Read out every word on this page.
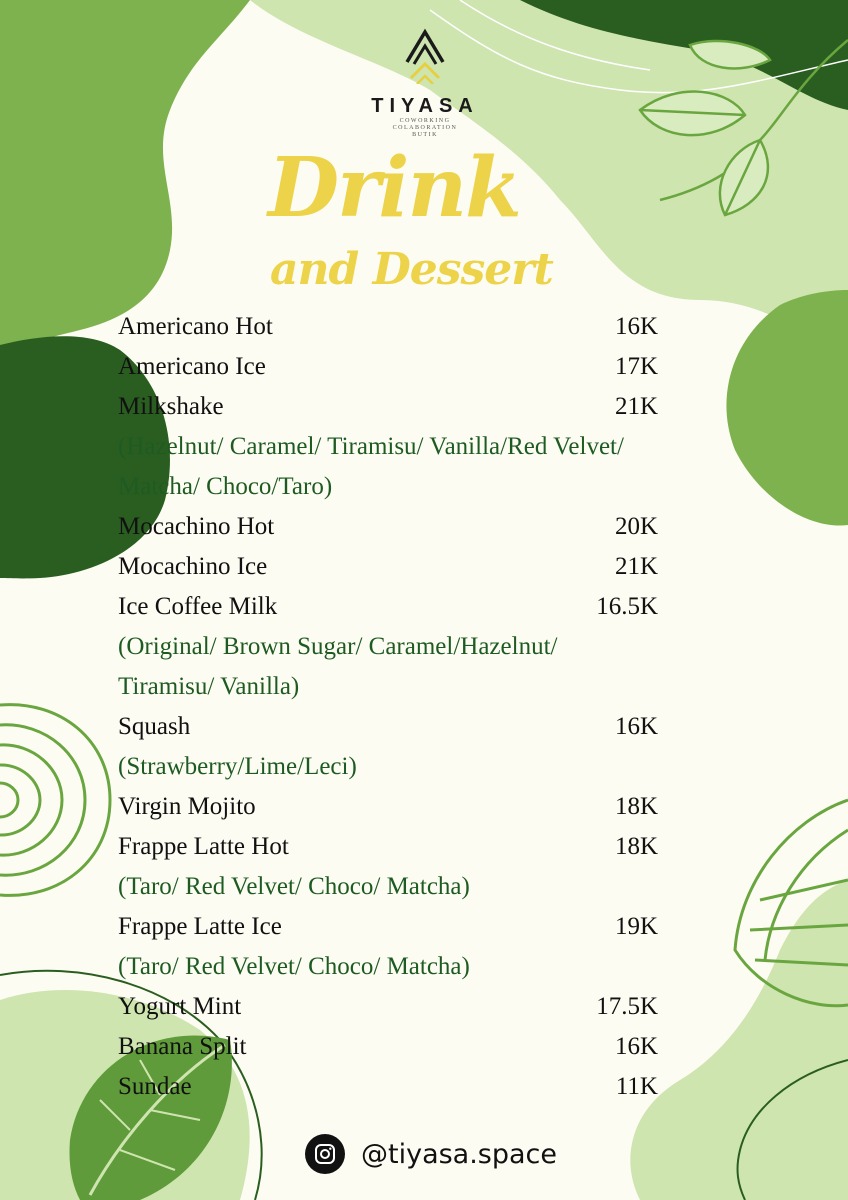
TIYASA
COWORKING
COLABORATION
BUTIK
Drink
and Dessert
Americano Hot	16K
Americano Ice	17K
Milkshake	21K
(Hazelnut/ Caramel/ Tiramisu/ Vanilla/Red Velvet/
Matcha/ Choco/Taro)
Mocachino Hot	20K
Mocachino Ice	21K
Ice Coffee Milk	16.5K
(Original/ Brown Sugar/ Caramel/Hazelnut/
Tiramisu/ Vanilla)
Squash	16K
(Strawberry/Lime/Leci)
Virgin Mojito	18K
Frappe Latte Hot	18K
(Taro/ Red Velvet/ Choco/ Matcha)
Frappe Latte Ice	19K
(Taro/ Red Velvet/ Choco/ Matcha)
Yogurt Mint	17.5K
Banana Split	16K
Sundae	11K
@tiyasa.space
